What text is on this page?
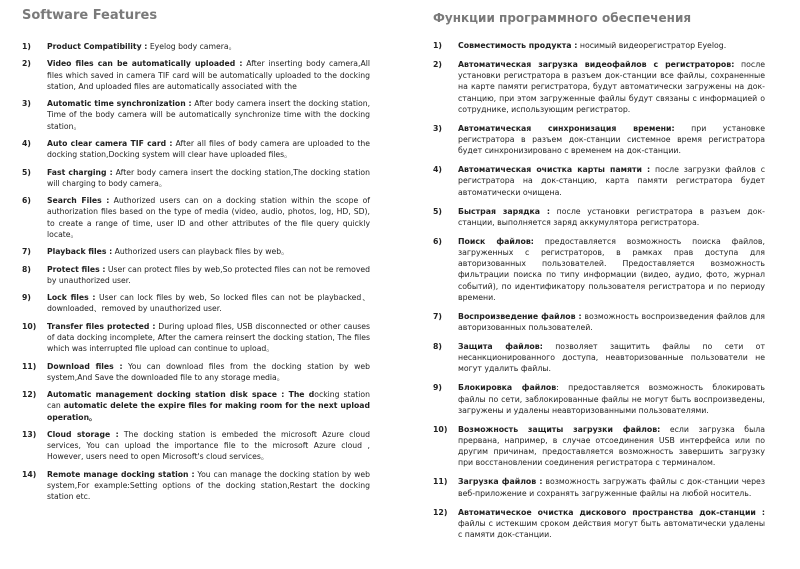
Software Features
1) Product Compatibility : Eyelog body camera。
2) Video files can be automatically uploaded : After inserting body camera,All files which saved in camera TIF card will be automatically uploaded to the docking station, And uploaded files are automatically associated with the
3) Automatic time synchronization : After body camera insert the docking station, Time of the body camera will be automatically synchronize time with the docking station。
4) Auto clear camera TIF card : After all files of body camera are uploaded to the docking station,Docking system will clear have uploaded files。
5) Fast charging : After body camera insert the docking station,The docking station will charging to body camera。
6) Search Files : Authorized users can on a docking station within the scope of authorization files based on the type of media (video, audio, photos, log, HD, SD), to create a range of time, user ID and other attributes of the file query quickly locate。
7) Playback files : Authorized users can playback files by web。
8) Protect files : User can protect files by web,So protected files can not be removed by unauthorized user.
9) Lock files : User can lock files by web, So locked files can not be playbacked、downloaded、removed by unauthorized user.
10) Transfer files protected : During upload files, USB disconnected or other causes of data docking incomplete, After the camera reinsert the docking station, The files which was interrupted file upload can continue to upload。
11) Download files : You can download files from the docking station by web system,And Save the downloaded file to any storage media。
12) Automatic management docking station disk space : The docking station can automatic delete the expire files for making room for the next upload operation。
13) Cloud storage : The docking station is embeded the microsoft Azure cloud services, You can upload the importance file to the microsoft Azure cloud , However, users need to open Microsoft's cloud services。
14) Remote manage docking station : You can manage the docking station by web system,For example:Setting options of the docking station,Restart the docking station etc.
Функции программного обеспечения
1) Совместимость продукта : носимый видеорегистратор Eyelog.
2) Автоматическая загрузка видеофайлов с регистраторов: после установки регистратора в разъем док-станции все файлы, сохраненные на карте памяти регистратора, будут автоматически загружены на док-станцию, при этом загруженные файлы будут связаны с информацией о сотруднике, использующим регистратор.
3) Автоматическая синхронизация времени: при установке регистратора в разъем док-станции системное время регистратора будет синхронизировано с временем на док-станции.
4) Автоматическая очистка карты памяти : после загрузки файлов с регистратора на док-станцию, карта памяти регистратора будет автоматически очищена.
5) Быстрая зарядка : после установки регистратора в разъем док-станции, выполняется заряд аккумулятора регистратора.
6) Поиск файлов: предоставляется возможность поиска файлов, загруженных с регистраторов, в рамках прав доступа для авторизованных пользователей. Предоставляется возможность фильтрации поиска по типу информации (видео, аудио, фото, журнал событий), по идентификатору пользователя регистратора и по периоду времени.
7) Воспроизведение файлов : возможность воспроизведения файлов для авторизованных пользователей.
8) Защита файлов: позволяет защитить файлы по сети от несанкционированного доступа, неавторизованные пользователи не могут удалить файлы.
9) Блокировка файлов: предоставляется возможность блокировать файлы по сети, заблокированные файлы не могут быть воспроизведены, загружены и удалены неавторизованными пользователями.
10) Возможность защиты загрузки файлов: если загрузка была прервана, например, в случае отсоединения USB интерфейса или по другим причинам, предоставляется возможность завершить загрузку при восстановлении соединения регистратора с терминалом.
11) Загрузка файлов : возможность загружать файлы с док-станции через веб-приложение и сохранять загруженные файлы на любой носитель.
12) Автоматическое очистка дискового пространства док-станции : файлы с истекшим сроком действия могут быть автоматически удалены с памяти док-станции.
